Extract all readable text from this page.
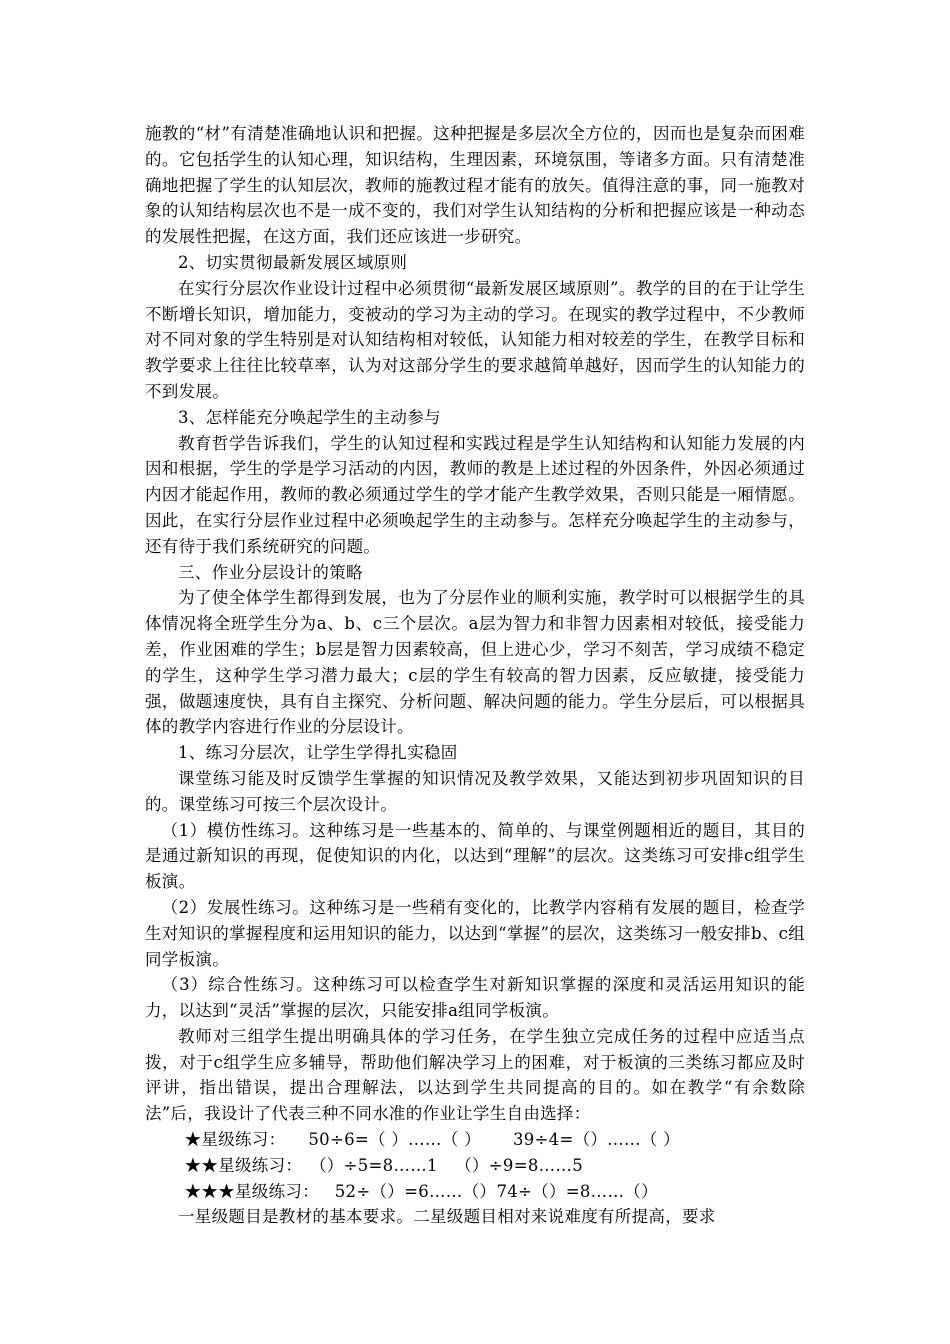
施教的“材”有清楚准确地认识和把握。这种把握是多层次全方位的，因而也是复杂而困难的。它包括学生的认知心理，知识结构，生理因素，环境氛围，等诸多方面。只有清楚准确地把握了学生的认知层次，教师的施教过程才能有的放矢。值得注意的事，同一施教对象的认知结构层次也不是一成不变的，我们对学生认知结构的分析和把握应该是一种动态的发展性把握，在这方面，我们还应该进一步研究。

2、切实贯彻最新发展区域原则

在实行分层次作业设计过程中必须贯彻“最新发展区域原则”。教学的目的在于让学生不断增长知识，增加能力，变被动的学习为主动的学习。在现实的教学过程中，不少教师对不同对象的学生特别是对认知结构相对较低，认知能力相对较差的学生，在教学目标和教学要求上往往比较草率，认为对这部分学生的要求越简单越好，因而学生的认知能力的不到发展。

3、怎样能充分唤起学生的主动参与

教育哲学告诉我们，学生的认知过程和实践过程是学生认知结构和认知能力发展的内因和根据，学生的学是学习活动的内因，教师的教是上述过程的外因条件，外因必须通过内因才能起作用，教师的教必须通过学生的学才能产生教学效果，否则只能是一厢情愿。因此，在实行分层作业过程中必须唤起学生的主动参与。怎样充分唤起学生的主动参与，还有待于我们系统研究的问题。

三、作业分层设计的策略

为了使全体学生都得到发展，也为了分层作业的顺利实施，教学时可以根据学生的具体情况将全班学生分为a、b、c三个层次。a层为智力和非智力因素相对较低，接受能力差，作业困难的学生；b层是智力因素较高，但上进心少，学习不刻苦，学习成绩不稳定的学生，这种学生学习潜力最大；c层的学生有较高的智力因素，反应敏捷，接受能力强，做题速度快，具有自主探究、分析问题、解决问题的能力。学生分层后，可以根据具体的教学内容进行作业的分层设计。

1、练习分层次，让学生学得扎实稳固

课堂练习能及时反馈学生掌握的知识情况及教学效果，又能达到初步巩固知识的目的。课堂练习可按三个层次设计。

（1）模仿性练习。这种练习是一些基本的、简单的、与课堂例题相近的题目，其目的是通过新知识的再现，促使知识的内化，以达到“理解”的层次。这类练习可安排c组学生板演。

（2）发展性练习。这种练习是一些稍有变化的，比教学内容稍有发展的题目，检查学生对知识的掌握程度和运用知识的能力，以达到“掌握”的层次，这类练习一般安排b、c组同学板演。

（3）综合性练习。这种练习可以检查学生对新知识掌握的深度和灵活运用知识的能力，以达到“灵活”掌握的层次，只能安排a组同学板演。

教师对三组学生提出明确具体的学习任务，在学生独立完成任务的过程中应适当点拨，对于c组学生应多辅导，帮助他们解决学习上的困难，对于板演的三类练习都应及时评讲，指出错误，提出合理解法，以达到学生共同提高的目的。如在教学“有余数除法”后，我设计了代表三种不同水准的作业让学生自由选择：

★星级练习：

50÷6=（ ）……（ ）

39÷4=（）……（ ）

★★星级练习：

（）÷5=8……1

（）÷9=8……5

★★★星级练习：

52÷（）=6……（）

74÷（）=8……（）

一星级题目是教材的基本要求。二星级题目相对来说难度有所提高，要求
